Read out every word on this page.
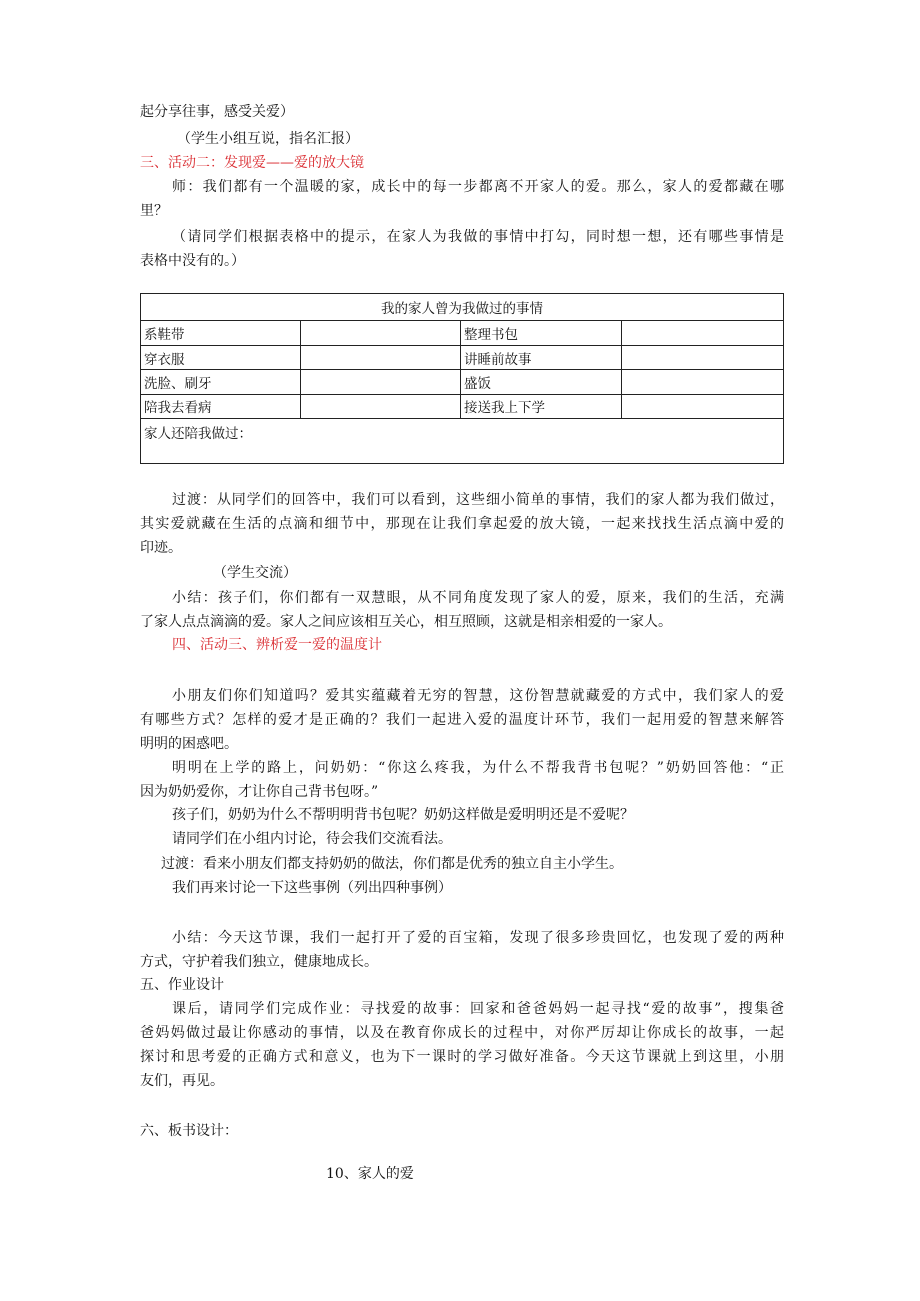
起分享往事，感受关爱）
（学生小组互说，指名汇报）
三、活动二：发现爱——爱的放大镜
师：我们都有一个温暖的家，成长中的每一步都离不开家人的爱。那么，家人的爱都藏在哪
里？
（请同学们根据表格中的提示，在家人为我做的事情中打勾，同时想一想，还有哪些事情是
表格中没有的。）
我的家人曾为我做过的事情			
系鞋带		整理书包	
穿衣服		讲睡前故事	
洗脸、刷牙		盛饭	
陪我去看病		接送我上下学	
家人还陪我做过：			
过渡：从同学们的回答中，我们可以看到，这些细小简单的事情，我们的家人都为我们做过，
其实爱就藏在生活的点滴和细节中，那现在让我们拿起爱的放大镜，一起来找找生活点滴中爱的
印迹。
（学生交流）
小结：孩子们，你们都有一双慧眼，从不同角度发现了家人的爱，原来，我们的生活，充满
了家人点点滴滴的爱。家人之间应该相互关心，相互照顾，这就是相亲相爱的一家人。
四、活动三、辨析爱一爱的温度计
小朋友们你们知道吗？爱其实蕴藏着无穷的智慧，这份智慧就藏爱的方式中，我们家人的爱
有哪些方式？怎样的爱才是正确的？我们一起进入爱的温度计环节，我们一起用爱的智慧来解答
明明的困惑吧。
明明在上学的路上，问奶奶：“你这么疼我，为什么不帮我背书包呢？”奶奶回答他：“正
因为奶奶爱你，才让你自己背书包呀。”
孩子们，奶奶为什么不帮明明背书包呢？奶奶这样做是爱明明还是不爱呢？
请同学们在小组内讨论，待会我们交流看法。
过渡：看来小朋友们都支持奶奶的做法，你们都是优秀的独立自主小学生。
我们再来讨论一下这些事例（列出四种事例）
小结：今天这节课，我们一起打开了爱的百宝箱，发现了很多珍贵回忆，也发现了爱的两种
方式，守护着我们独立，健康地成长。
五、作业设计
课后，请同学们完成作业：寻找爱的故事：回家和爸爸妈妈一起寻找“爱的故事”，搜集爸
爸妈妈做过最让你感动的事情，以及在教育你成长的过程中，对你严厉却让你成长的故事，一起
探讨和思考爱的正确方式和意义，也为下一课时的学习做好准备。今天这节课就上到这里，小朋
友们，再见。
六、板书设计：
10、家人的爱
